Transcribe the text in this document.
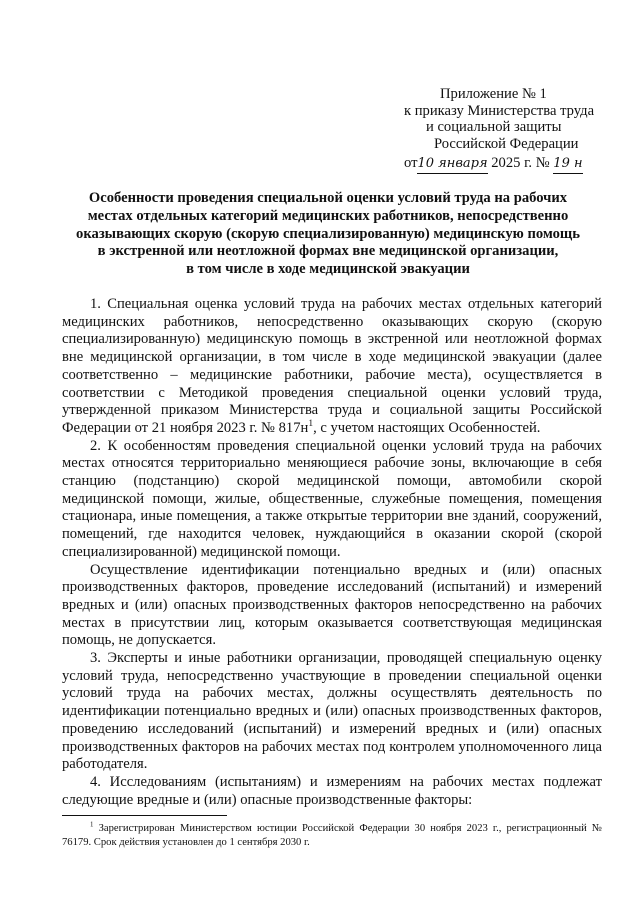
Приложение № 1
к приказу Министерства труда
и социальной защиты
Российской Федерации
от10 января 2025 г. № 19 н
Особенности проведения специальной оценки условий труда на рабочих
местах отдельных категорий медицинских работников, непосредственно
оказывающих скорую (скорую специализированную) медицинскую помощь
в экстренной или неотложной формах вне медицинской организации,
в том числе в ходе медицинской эвакуации

1. Специальная оценка условий труда на рабочих местах отдельных категорий медицинских работников, непосредственно оказывающих скорую (скорую специализированную) медицинскую помощь в экстренной или неотложной формах вне медицинской организации, в том числе в ходе медицинской эвакуации (далее соответственно – медицинские работники, рабочие места), осуществляется в соответствии с Методикой проведения специальной оценки условий труда, утвержденной приказом Министерства труда и социальной защиты Российской Федерации от 21 ноября 2023 г. № $817н^1$, с учетом настоящих Особенностей.

2. К особенностям проведения специальной оценки условий труда на рабочих местах относятся территориально меняющиеся рабочие зоны, включающие в себя станцию (подстанцию) скорой медицинской помощи, автомобили скорой медицинской помощи, жилые, общественные, служебные помещения, помещения стационара, иные помещения, а также открытые территории вне зданий, сооружений, помещений, где находится человек, нуждающийся в оказании скорой (скорой специализированной) медицинской помощи.

Осуществление идентификации потенциально вредных и (или) опасных производственных факторов, проведение исследований (испытаний) и измерений вредных и (или) опасных производственных факторов непосредственно на рабочих местах в присутствии лиц, которым оказывается соответствующая медицинская помощь, не допускается.

3. Эксперты и иные работники организации, проводящей специальную оценку условий труда, непосредственно участвующие в проведении специальной оценки условий труда на рабочих местах, должны осуществлять деятельность по идентификации потенциально вредных и (или) опасных производственных факторов, проведению исследований (испытаний) и измерений вредных и (или) опасных производственных факторов на рабочих местах под контролем уполномоченного лица работодателя.

4. Исследованиям (испытаниям) и измерениям на рабочих местах подлежат следующие вредные и (или) опасные производственные факторы:

$^1$ Зарегистрирован Министерством юстиции Российской Федерации 30 ноября 2023 г., регистрационный № 76179. Срок действия установлен до 1 сентября 2030 г.
